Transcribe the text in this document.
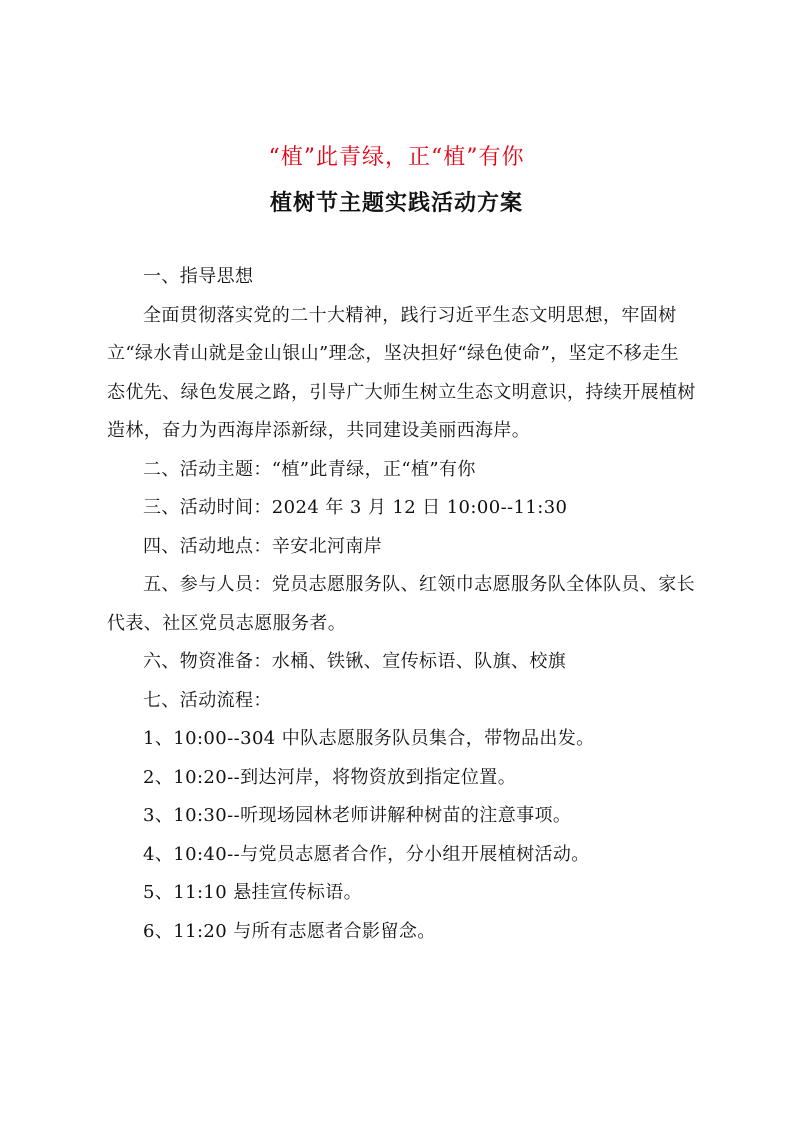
“植”此青绿，正“植”有你
植树节主题实践活动方案

一、指导思想

全面贯彻落实党的二十大精神，践行习近平生态文明思想，牢固树立“绿水青山就是金山银山”理念，坚决担好“绿色使命”，坚定不移走生态优先、绿色发展之路，引导广大师生树立生态文明意识，持续开展植树造林，奋力为西海岸添新绿，共同建设美丽西海岸。

二、活动主题：“植”此青绿，正“植”有你

三、活动时间：2024 年 3 月 12 日 10:00--11:30

四、活动地点：辛安北河南岸

五、参与人员：党员志愿服务队、红领巾志愿服务队全体队员、家长代表、社区党员志愿服务者。

六、物资准备：水桶、铁锹、宣传标语、队旗、校旗

七、活动流程：

1、10:00--304 中队志愿服务队员集合，带物品出发。

2、10:20--到达河岸，将物资放到指定位置。

3、10:30--听现场园林老师讲解种树苗的注意事项。

4、10:40--与党员志愿者合作，分小组开展植树活动。

5、11:10 悬挂宣传标语。

6、11:20 与所有志愿者合影留念。
